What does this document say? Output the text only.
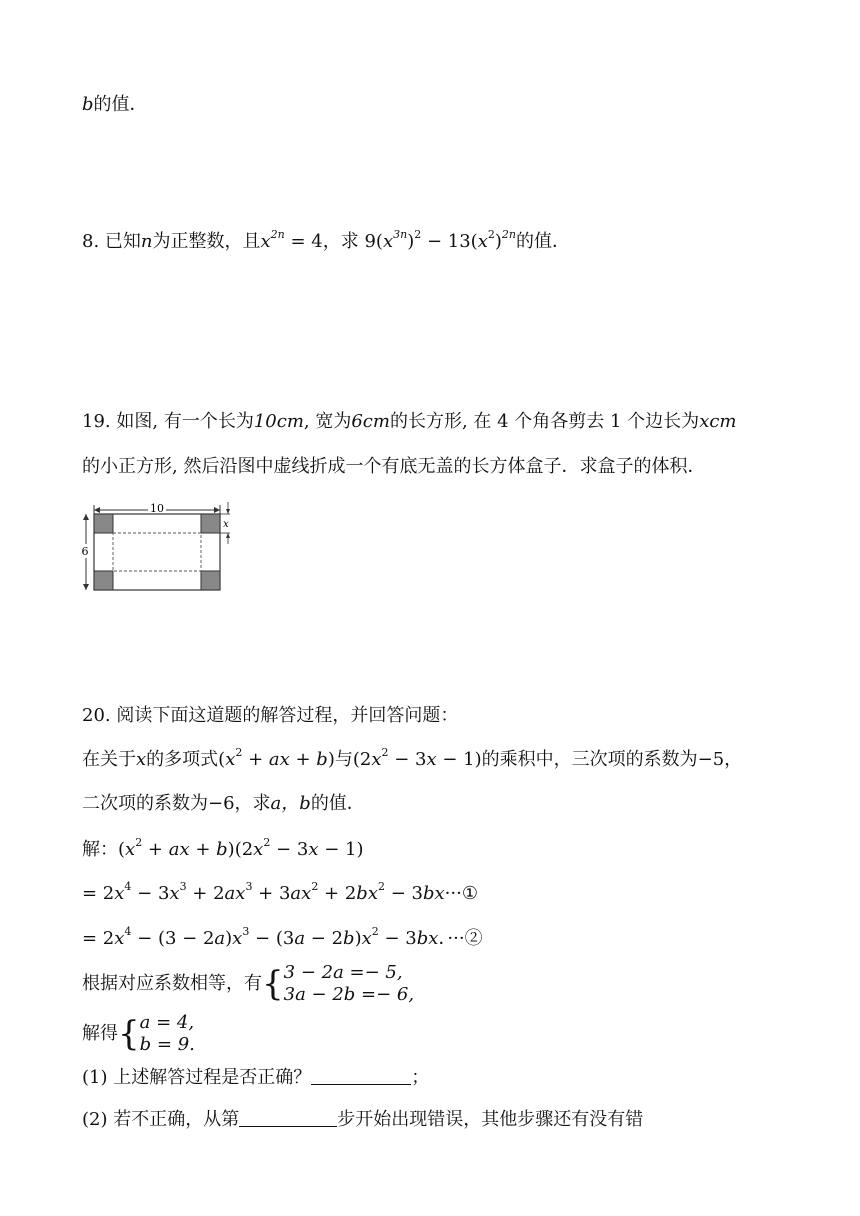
b的值．
8. 已知n为正整数，且$x^{2n} = 4$，求 $9(x^{3n})^2 - 13(x^2)^{2n}$的值．
19. 如图, 有一个长为10cm, 宽为6cm的长方形, 在 4 个角各剪去 1 个边长为xcm
的小正方形, 然后沿图中虚线折成一个有底无盖的长方体盒子．求盒子的体积．
10
6
x
20. 阅读下面这道题的解答过程，并回答问题：
在关于x的多项式($x^2$ + ax + b)与$(2x^2 - 3x - 1)$的乘积中，三次项的系数为−5，
二次项的系数为−6，求a，b的值．
解：($x^2$ + ax + $b)(2x^2 - 3x - 1)$
= $2x^4 - 3x^3 + 2ax^3 + 3ax^2 + 2bx^2$ − 3bx···①
= $2x^4 - (3 - 2a)x^3 - (3a - 2b)x^2 - 3bx$．···②
根据对应系数相等，有{3 − 2a =− 5,
3a − 2b =− 6,
解得{a = 4,
b = 9.
(1) 上述解答过程是否正确？	；
(2) 若不正确，从第	步开始出现错误，其他步骤还有没有错
